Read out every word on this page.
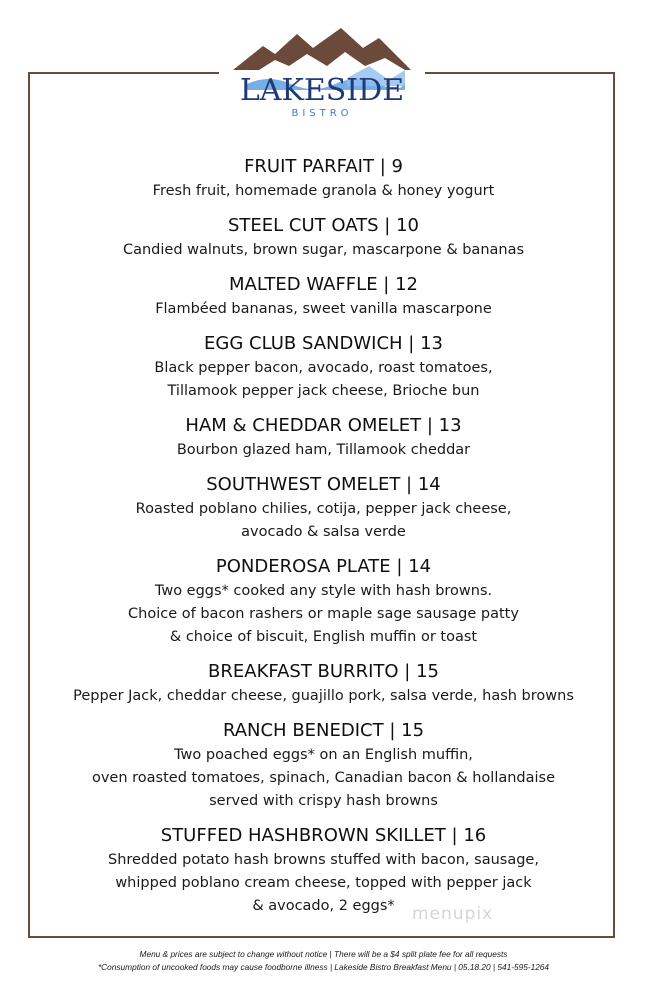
LAKESIDE
BISTRO
FRUIT PARFAIT | 9
Fresh fruit, homemade granola & honey yogurt
STEEL CUT OATS | 10
Candied walnuts, brown sugar, mascarpone & bananas
MALTED WAFFLE | 12
Flambéed bananas, sweet vanilla mascarpone
EGG CLUB SANDWICH | 13
Black pepper bacon, avocado, roast tomatoes,
Tillamook pepper jack cheese, Brioche bun
HAM & CHEDDAR OMELET | 13
Bourbon glazed ham, Tillamook cheddar
SOUTHWEST OMELET | 14
Roasted poblano chilies, cotija, pepper jack cheese,
avocado & salsa verde
PONDEROSA PLATE | 14
Two eggs* cooked any style with hash browns.
Choice of bacon rashers or maple sage sausage patty
& choice of biscuit, English muffin or toast
BREAKFAST BURRITO | 15
Pepper Jack, cheddar cheese, guajillo pork, salsa verde, hash browns
RANCH BENEDICT | 15
Two poached eggs* on an English muffin,
oven roasted tomatoes, spinach, Canadian bacon & hollandaise
served with crispy hash browns
STUFFED HASHBROWN SKILLET | 16
Shredded potato hash browns stuffed with bacon, sausage,
whipped poblano cream cheese, topped with pepper jack
& avocado, 2 eggs*	menupix
Menu & prices are subject to change without notice | There will be a $4 split plate fee for all requests
*Consumption of uncooked foods may cause foodborne illness | Lakeside Bistro Breakfast Menu | 05.18.20 | 541-595-1264
